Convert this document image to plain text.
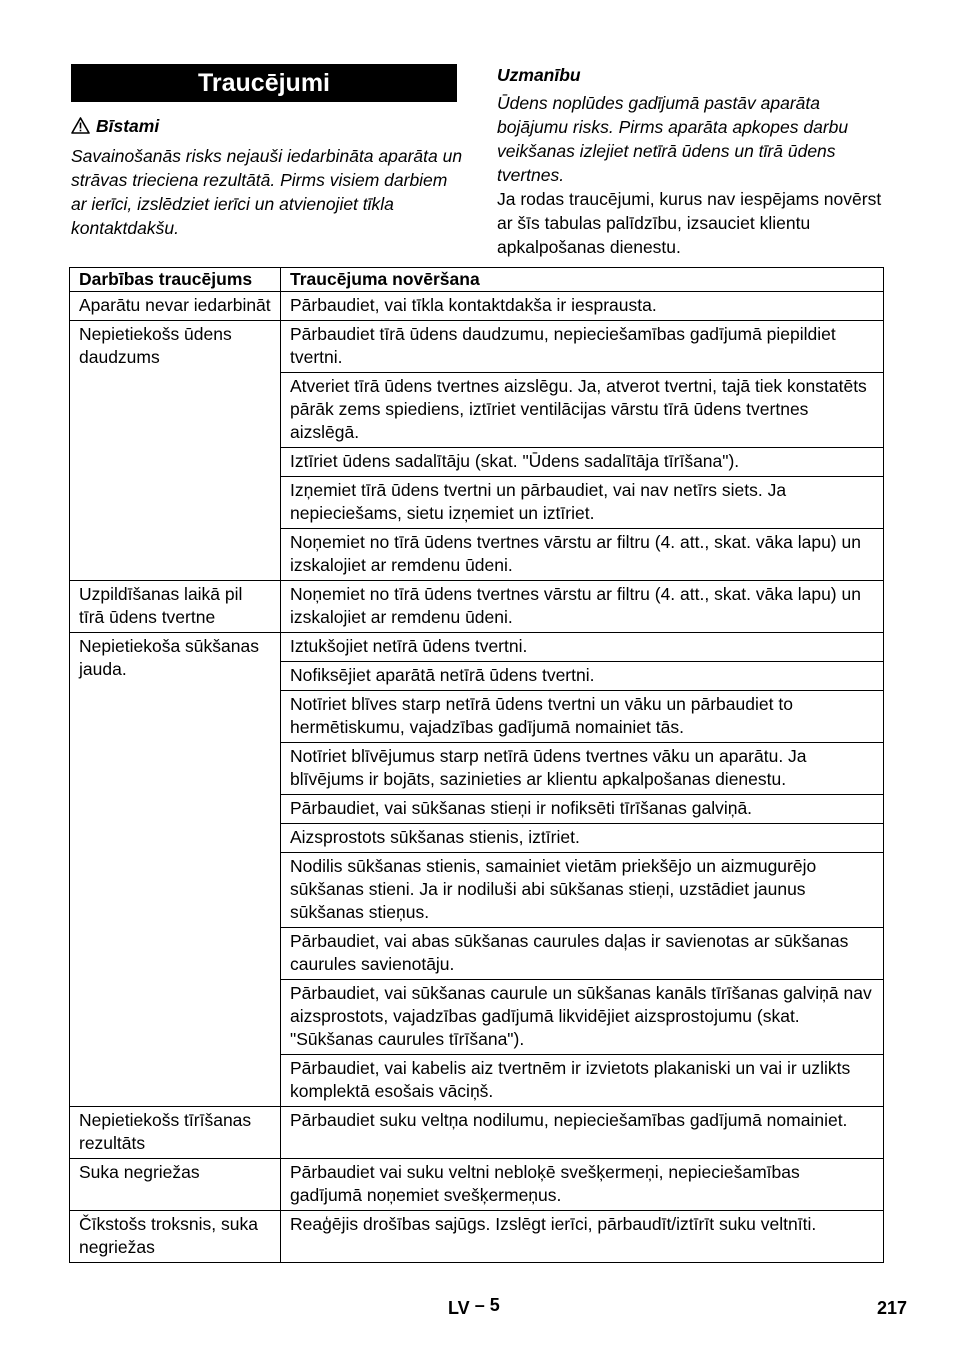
Traucējumi
Bīstami
Savainošanās risks nejauši iedarbināta aparāta un strāvas trieciena rezultātā. Pirms visiem darbiem ar ierīci, izslēdziet ierīci un atvienojiet tīkla kontaktdakšu.
Uzmanību
Ūdens noplūdes gadījumā pastāv aparāta bojājumu risks. Pirms aparāta apkopes darbu veikšanas izlejiet netīrā ūdens un tīrā ūdens tvertnes.
Ja rodas traucējumi, kurus nav iespējams novērst ar šīs tabulas palīdzību, izsauciet klientu apkalpošanas dienestu.
Darbības traucējums	Traucējuma novēršana
Aparātu nevar iedarbināt	Pārbaudiet, vai tīkla kontaktdakša ir iesprausta.
Nepietiekošs ūdens daudzums	Pārbaudiet tīrā ūdens daudzumu, nepieciešamības gadījumā piepildiet tvertni.
	Atveriet tīrā ūdens tvertnes aizslēgu. Ja, atverot tvertni, tajā tiek konstatēts pārāk zems spiediens, iztīriet ventilācijas vārstu tīrā ūdens tvertnes aizslēgā.
	Iztīriet ūdens sadalītāju (skat. "Ūdens sadalītāja tīrīšana").
	Izņemiet tīrā ūdens tvertni un pārbaudiet, vai nav netīrs siets. Ja nepieciešams, sietu izņemiet un iztīriet.
	Noņemiet no tīrā ūdens tvertnes vārstu ar filtru (4. att., skat. vāka lapu) un izskalojiet ar remdenu ūdeni.
Uzpildīšanas laikā pil tīrā ūdens tvertne	Noņemiet no tīrā ūdens tvertnes vārstu ar filtru (4. att., skat. vāka lapu) un izskalojiet ar remdenu ūdeni.
Nepietiekoša sūkšanas jauda.	Iztukšojiet netīrā ūdens tvertni.
	Nofiksējiet aparātā netīrā ūdens tvertni.
	Notīriet blīves starp netīrā ūdens tvertni un vāku un pārbaudiet to hermētiskumu, vajadzības gadījumā nomainiet tās.
	Notīriet blīvējumus starp netīrā ūdens tvertnes vāku un aparātu. Ja blīvējums ir bojāts, sazinieties ar klientu apkalpošanas dienestu.
	Pārbaudiet, vai sūkšanas stieņi ir nofiksēti tīrīšanas galviņā.
	Aizsprostots sūkšanas stienis, iztīriet.
	Nodilis sūkšanas stienis, samainiet vietām priekšējo un aizmugurējo sūkšanas stieni. Ja ir nodiluši abi sūkšanas stieņi, uzstādiet jaunus sūkšanas stieņus.
	Pārbaudiet, vai abas sūkšanas caurules daļas ir savienotas ar sūkšanas caurules savienotāju.
	Pārbaudiet, vai sūkšanas caurule un sūkšanas kanāls tīrīšanas galviņā nav aizsprostots, vajadzības gadījumā likvidējiet aizsprostojumu (skat. "Sūkšanas caurules tīrīšana").
	Pārbaudiet, vai kabelis aiz tvertnēm ir izvietots plakaniski un vai ir uzlikts komplektā esošais vāciņš.
Nepietiekošs tīrīšanas rezultāts	Pārbaudiet suku veltņa nodilumu, nepieciešamības gadījumā nomainiet.
Suka negriežas	Pārbaudiet vai suku veltni nebloķē svešķermeņi, nepieciešamības gadījumā noņemiet svešķermeņus.
Čīkstošs troksnis, suka negriežas	Reaģējis drošības sajūgs. Izslēgt ierīci, pārbaudīt/iztīrīt suku veltnīti.
LV – 5	217
